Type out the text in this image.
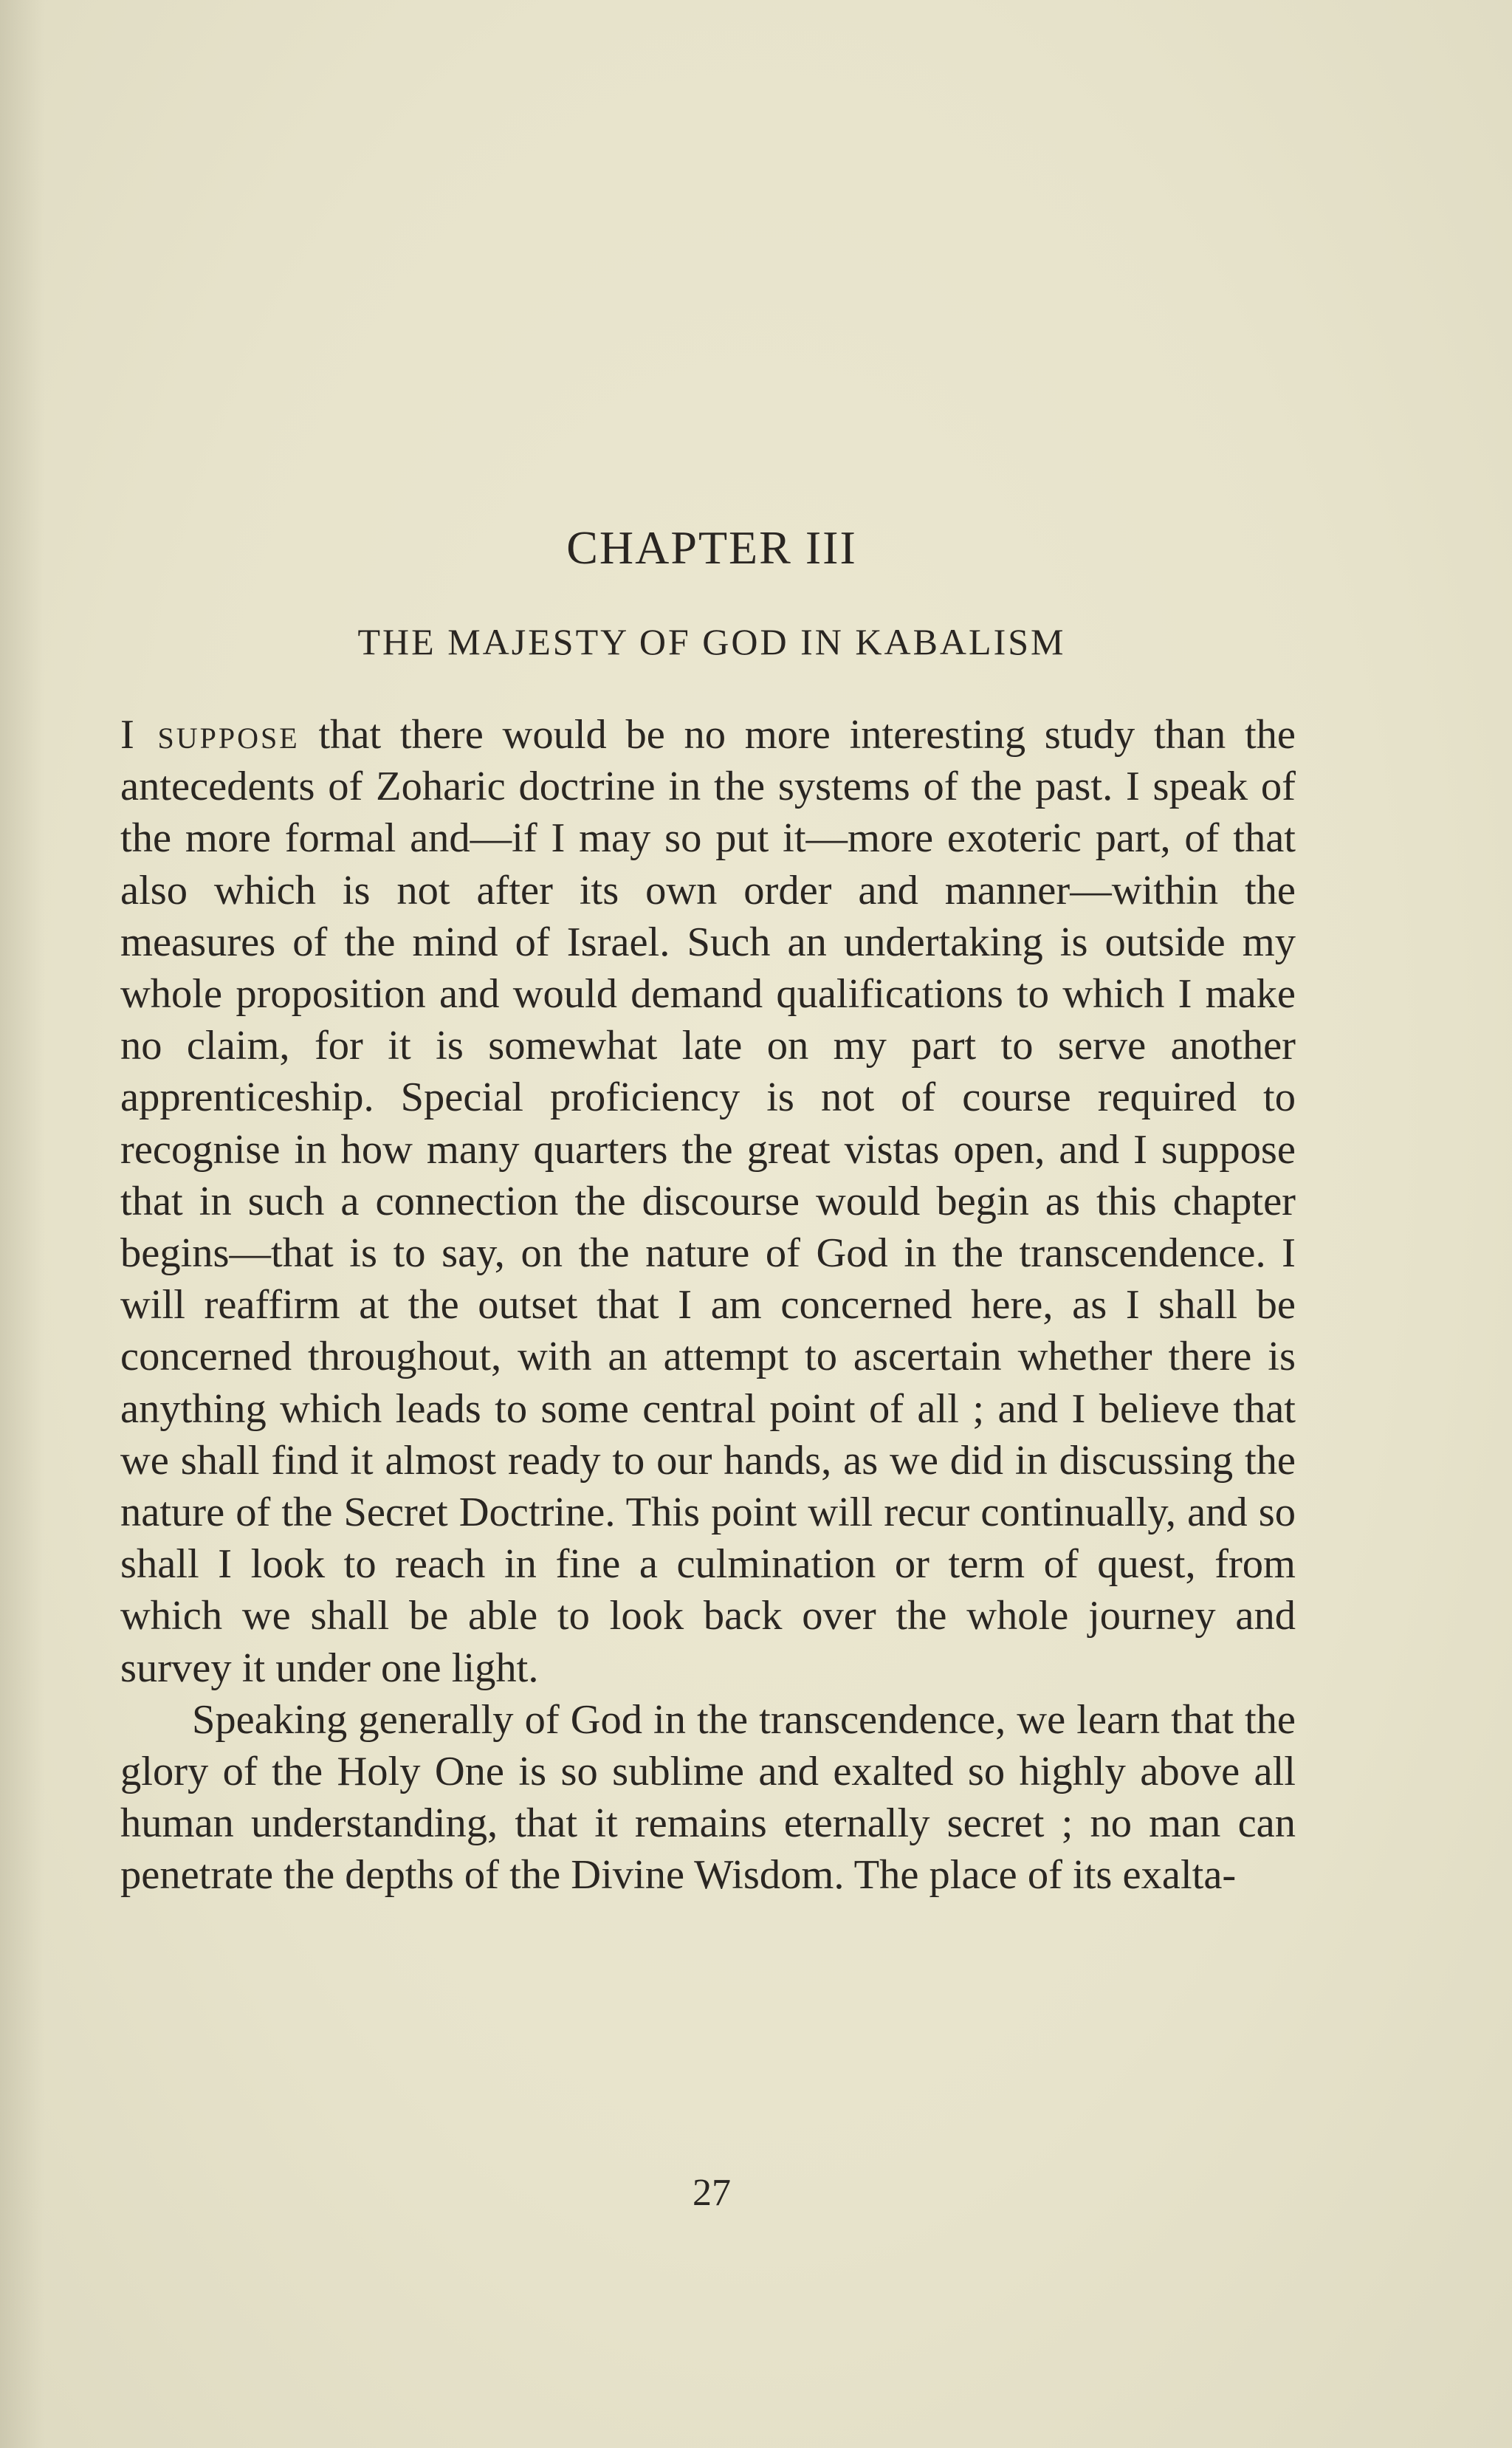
CHAPTER III
THE MAJESTY OF GOD IN KABALISM

I suppose that there would be no more interesting study than the antecedents of Zoharic doctrine in the systems of the past. I speak of the more formal and—if I may so put it—more exoteric part, of that also which is not after its own order and manner—within the measures of the mind of Israel. Such an undertaking is outside my whole proposition and would demand qualifications to which I make no claim, for it is somewhat late on my part to serve another apprenticeship. Special proficiency is not of course required to recognise in how many quarters the great vistas open, and I suppose that in such a connection the discourse would begin as this chapter begins—that is to say, on the nature of God in the transcendence. I will reaffirm at the outset that I am concerned here, as I shall be concerned throughout, with an attempt to ascertain whether there is anything which leads to some central point of all ; and I believe that we shall find it almost ready to our hands, as we did in discussing the nature of the Secret Doctrine. This point will recur continually, and so shall I look to reach in fine a culmination or term of quest, from which we shall be able to look back over the whole journey and survey it under one light.

Speaking generally of God in the transcendence, we learn that the glory of the Holy One is so sublime and exalted so highly above all human understanding, that it remains eternally secret ; no man can penetrate the depths of the Divine Wisdom. The place of its exalta-

27
